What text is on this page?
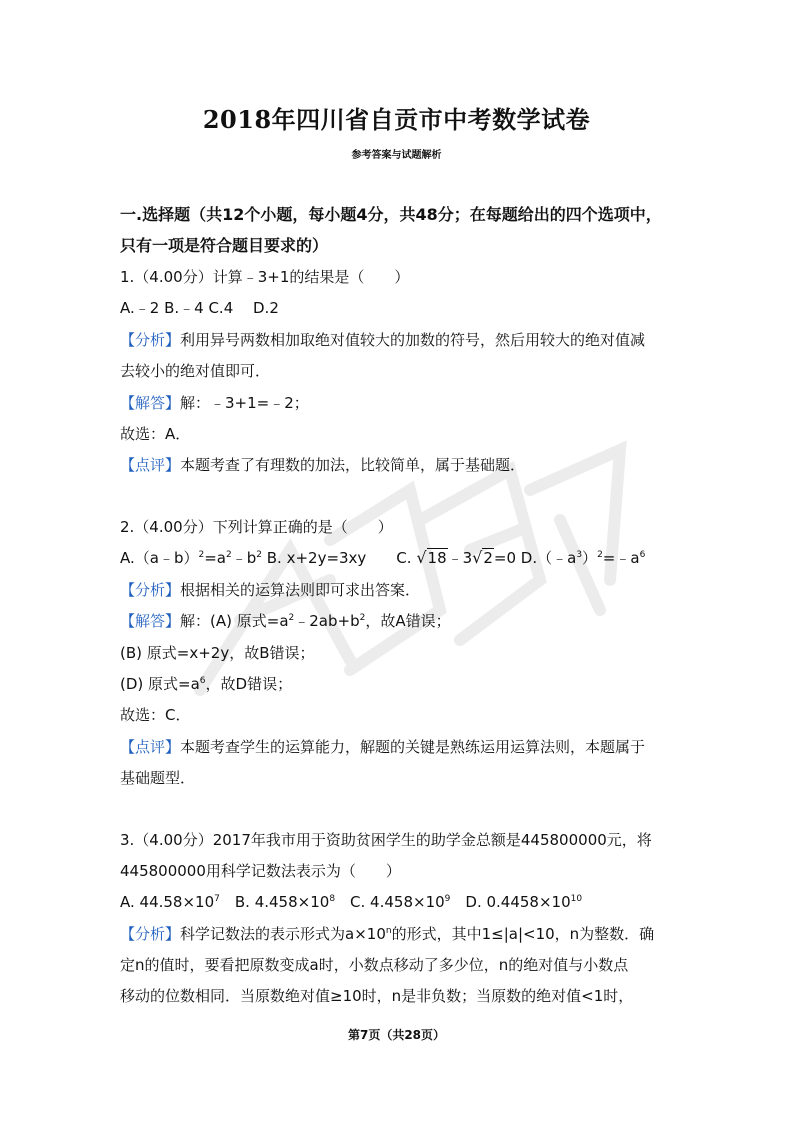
2018年四川省自贡市中考数学试卷
参考答案与试题解析
一.选择题（共12个小题，每小题4分，共48分；在每题给出的四个选项中，
只有一项是符合题目要求的）
1.（4.00分）计算﹣3+1的结果是（　　）
A.﹣2 B.﹣4 C.4　 D.2
【分析】利用异号两数相加取绝对值较大的加数的符号，然后用较大的绝对值减
去较小的绝对值即可．
【解答】解：﹣3+1=﹣2；
故选：A．
【点评】本题考查了有理数的加法，比较简单，属于基础题．
2.（4.00分）下列计算正确的是（　　）
$A.(a﹣b)^2=a^2﹣b^2$ B. x+2y=3xy　　C. √18﹣3√2=0 $D.(﹣a^3)^2=﹣a^6$
【分析】根据相关的运算法则即可求出答案．
【解答】解：(A) 原式$=a^2﹣2ab+b^2$，故A错误；
(B) 原式=x+2y，故B错误；
(D) 原式$=a^6$，故D错误；
故选：C．
【点评】本题考查学生的运算能力，解题的关键是熟练运用运算法则，本题属于
基础题型．
3.（4.00分）2017年我市用于资助贫困学生的助学金总额是445800000元，将
445800000用科学记数法表示为（　　）
A. $44.58\times 10^7$　B. $4.458\times 10^8$　C. $4.458\times 10^9$　D. $0.4458\times 10^{10}$
【分析】科学记数法的表示形式为$a\times 10^n$的形式，其中1≤|a|<10，n为整数．确
定n的值时，要看把原数变成a时，小数点移动了多少位，n的绝对值与小数点
移动的位数相同．当原数绝对值≥10时，n是非负数；当原数的绝对值<1时，
第7页（共28页）
